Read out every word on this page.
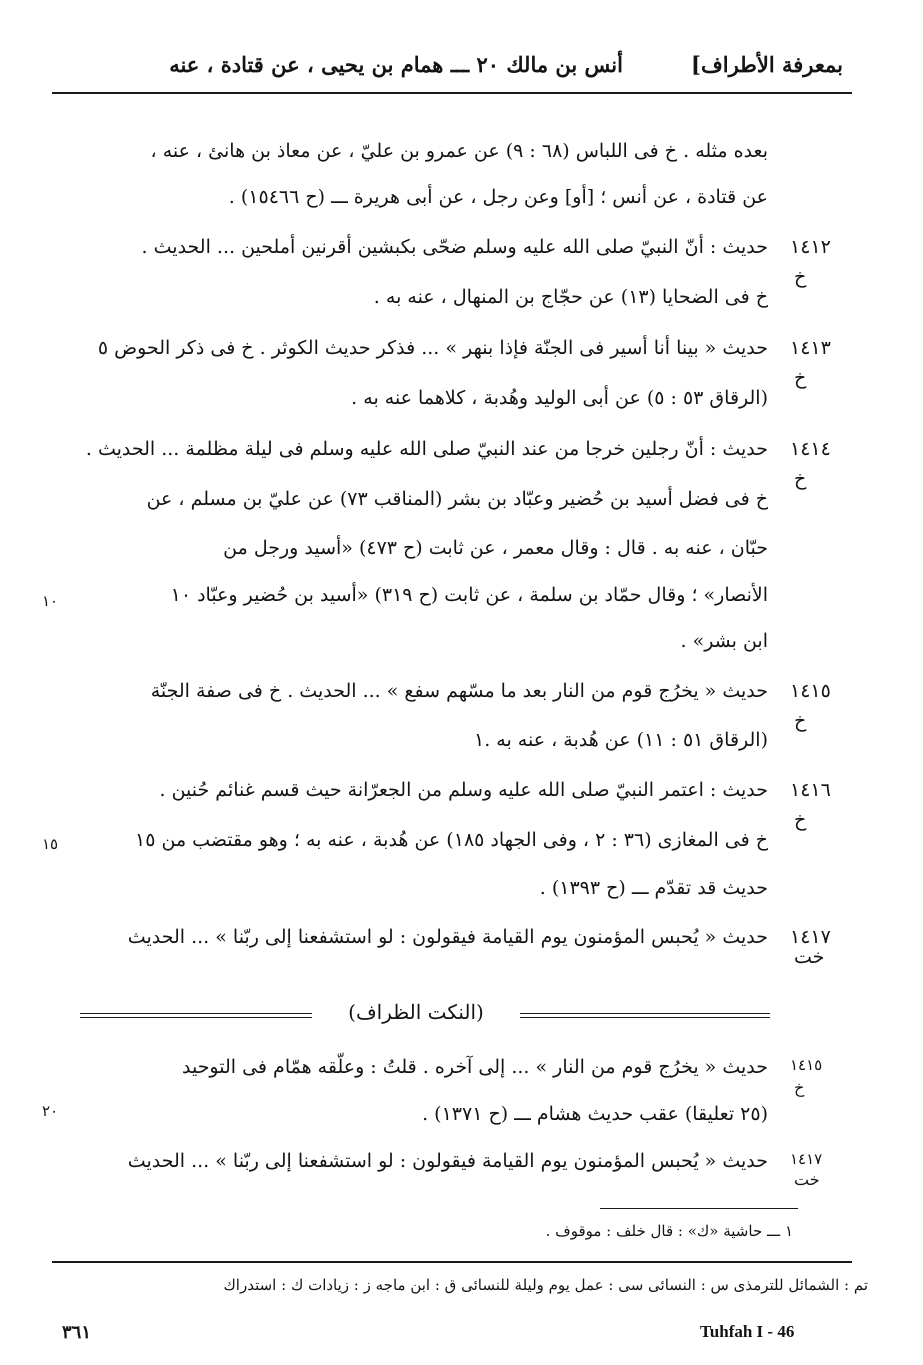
بمعرفة الأطراف]
أنس بن مالك ٢٠ ـــ همام بن يحيى ، عن قتادة ، عنه
بعده مثله . خ فى اللباس (٦٨ : ٩) عن عمرو بن عليّ ، عن معاذ بن هانئ ، عنه ،
عن قتادة ، عن أنس ؛ [أو] وعن رجل ، عن أبى هريرة ـــ (ح ١٥٤٦٦) .
١٤١٢
خ
حديث : أنّ النبيّ صلى الله عليه وسلم ضحّى بكبشين أقرنين أملحين ... الحديث .
خ فى الضحايا (١٣) عن حجّاج بن المنهال ، عنه به .
١٤١٣
خ
حديث « بينا أنا أسير فى الجنّة فإذا بنهر » ... فذكر حديث الكوثر . خ فى ذكر الحوض ٥
(الرقاق ٥٣ : ٥) عن أبى الوليد وهُدبة ، كلاهما عنه به .
١٤١٤
خ
حديث : أنّ رجلين خرجا من عند النبيّ صلى الله عليه وسلم فى ليلة مظلمة ... الحديث .
خ فى فضل أسيد بن حُضير وعبّاد بن بشر (المناقب ٧٣) عن عليّ بن مسلم ، عن
حبّان ، عنه به . قال : وقال معمر ، عن ثابت (ح ٤٧٣) «أسيد ورجل من
الأنصار» ؛ وقال حمّاد بن سلمة ، عن ثابت (ح ٣١٩) «أسيد بن حُضير وعبّاد ١٠
ابن بشر» .
١٤١٥
خ
حديث « يخرُج قوم من النار بعد ما مسّهم سفع » ... الحديث . خ فى صفة الجنّة
(الرقاق ٥١ : ١١) عن هُدبة ، عنه به .١
١٤١٦
خ
حديث : اعتمر النبيّ صلى الله عليه وسلم من الجعرّانة حيث قسم غنائم حُنين .
خ فى المغازى (٣٦ : ٢ ، وفى الجهاد ١٨٥) عن هُدبة ، عنه به ؛ وهو مقتضب من ١٥
حديث قد تقدّم ـــ (ح ١٣٩٣) .
١٤١٧
خت
حديث « يُحبس المؤمنون يوم القيامة فيقولون : لو استشفعنا إلى ربّنا » ... الحديث
(النكت الظراف)
١٤١٥
خ
حديث « يخرُج قوم من النار » ... إلى آخره . قلتُ : وعلّقه همّام فى التوحيد
(٢٥ تعليقا) عقب حديث هشام ـــ (ح ١٣٧١) .
١٤١٧
خت
حديث « يُحبس المؤمنون يوم القيامة فيقولون : لو استشفعنا إلى ربّنا » ... الحديث
١٠
١٥
٢٠
١ ـــ حاشية «ك» : قال خلف : موقوف .
تم : الشمائل للترمذى س : النسائى سى : عمل يوم وليلة للنسائى ق : ابن ماجه ز : زيادات ك : استدراك
٣٦١	Tuhfah I - 46
